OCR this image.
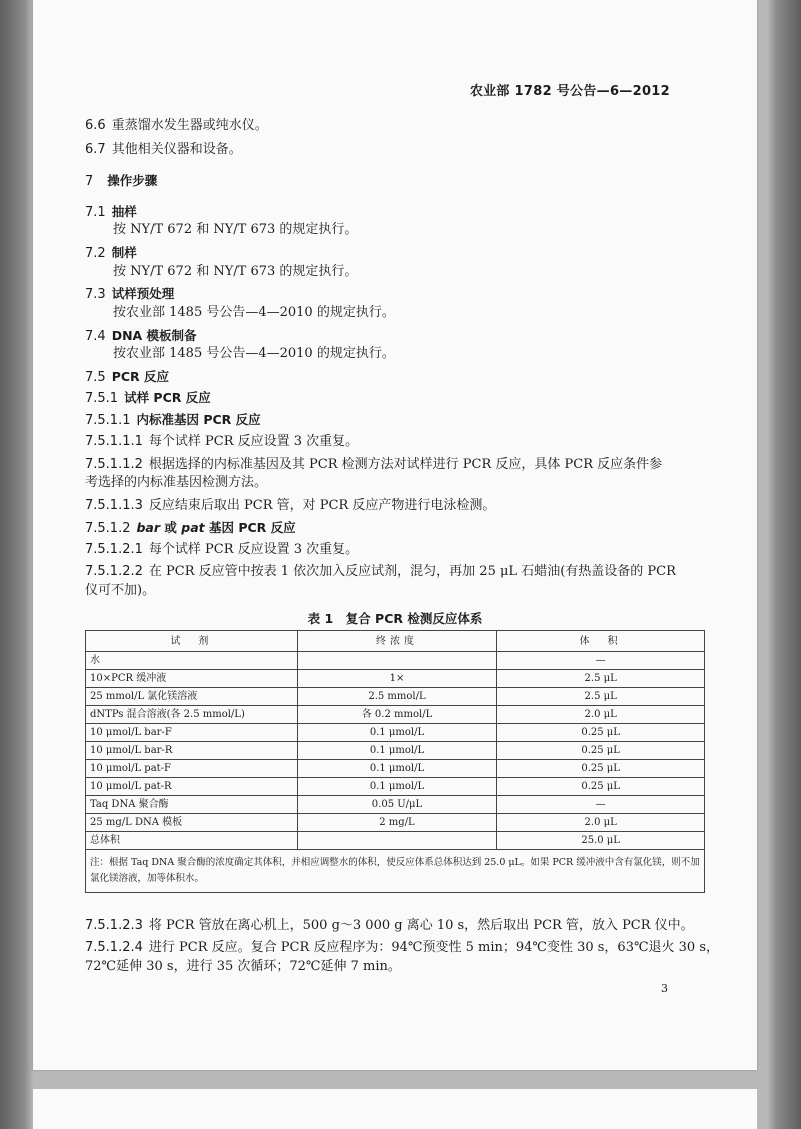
农业部 1782 号公告—6—2012
6.6 重蒸馏水发生器或纯水仪。
6.7 其他相关仪器和设备。
7 操作步骤
7.1 抽样
按 NY/T 672 和 NY/T 673 的规定执行。
7.2 制样
按 NY/T 672 和 NY/T 673 的规定执行。
7.3 试样预处理
按农业部 1485 号公告—4—2010 的规定执行。
7.4 DNA 模板制备
按农业部 1485 号公告—4—2010 的规定执行。
7.5 PCR 反应
7.5.1 试样 PCR 反应
7.5.1.1 内标准基因 PCR 反应
7.5.1.1.1 每个试样 PCR 反应设置 3 次重复。
7.5.1.1.2 根据选择的内标准基因及其 PCR 检测方法对试样进行 PCR 反应，具体 PCR 反应条件参
考选择的内标准基因检测方法。
7.5.1.1.3 反应结束后取出 PCR 管，对 PCR 反应产物进行电泳检测。
7.5.1.2 bar 或 pat 基因 PCR 反应
7.5.1.2.1 每个试样 PCR 反应设置 3 次重复。
7.5.1.2.2 在 PCR 反应管中按表 1 依次加入反应试剂，混匀，再加 25 μL 石蜡油(有热盖设备的 PCR
仪可不加)。
表 1　复合 PCR 检测反应体系
试　剂	终浓度	体　积
水		—
10×PCR 缓冲液	1×	2.5 μL
25 mmol/L 氯化镁溶液	2.5 mmol/L	2.5 μL
dNTPs 混合溶液(各 2.5 mmol/L)	各 0.2 mmol/L	2.0 μL
10 μmol/L bar-F	0.1 μmol/L	0.25 μL
10 μmol/L bar-R	0.1 μmol/L	0.25 μL
10 μmol/L pat-F	0.1 μmol/L	0.25 μL
10 μmol/L pat-R	0.1 μmol/L	0.25 μL
Taq DNA 聚合酶	0.05 U/μL	—
25 mg/L DNA 模板	2 mg/L	2.0 μL
总体积		25.0 μL
注：根据 Taq DNA 聚合酶的浓度确定其体积，并相应调整水的体积，使反应体系总体积达到 25.0 μL。如果 PCR 缓冲液中含有氯化镁，则不加氯化镁溶液，加等体积水。		
7.5.1.2.3 将 PCR 管放在离心机上，500 g～3 000 g 离心 10 s，然后取出 PCR 管，放入 PCR 仪中。
7.5.1.2.4 进行 PCR 反应。复合 PCR 反应程序为：94℃预变性 5 min；94℃变性 30 s，63℃退火 30 s，
72℃延伸 30 s，进行 35 次循环；72℃延伸 7 min。
3
